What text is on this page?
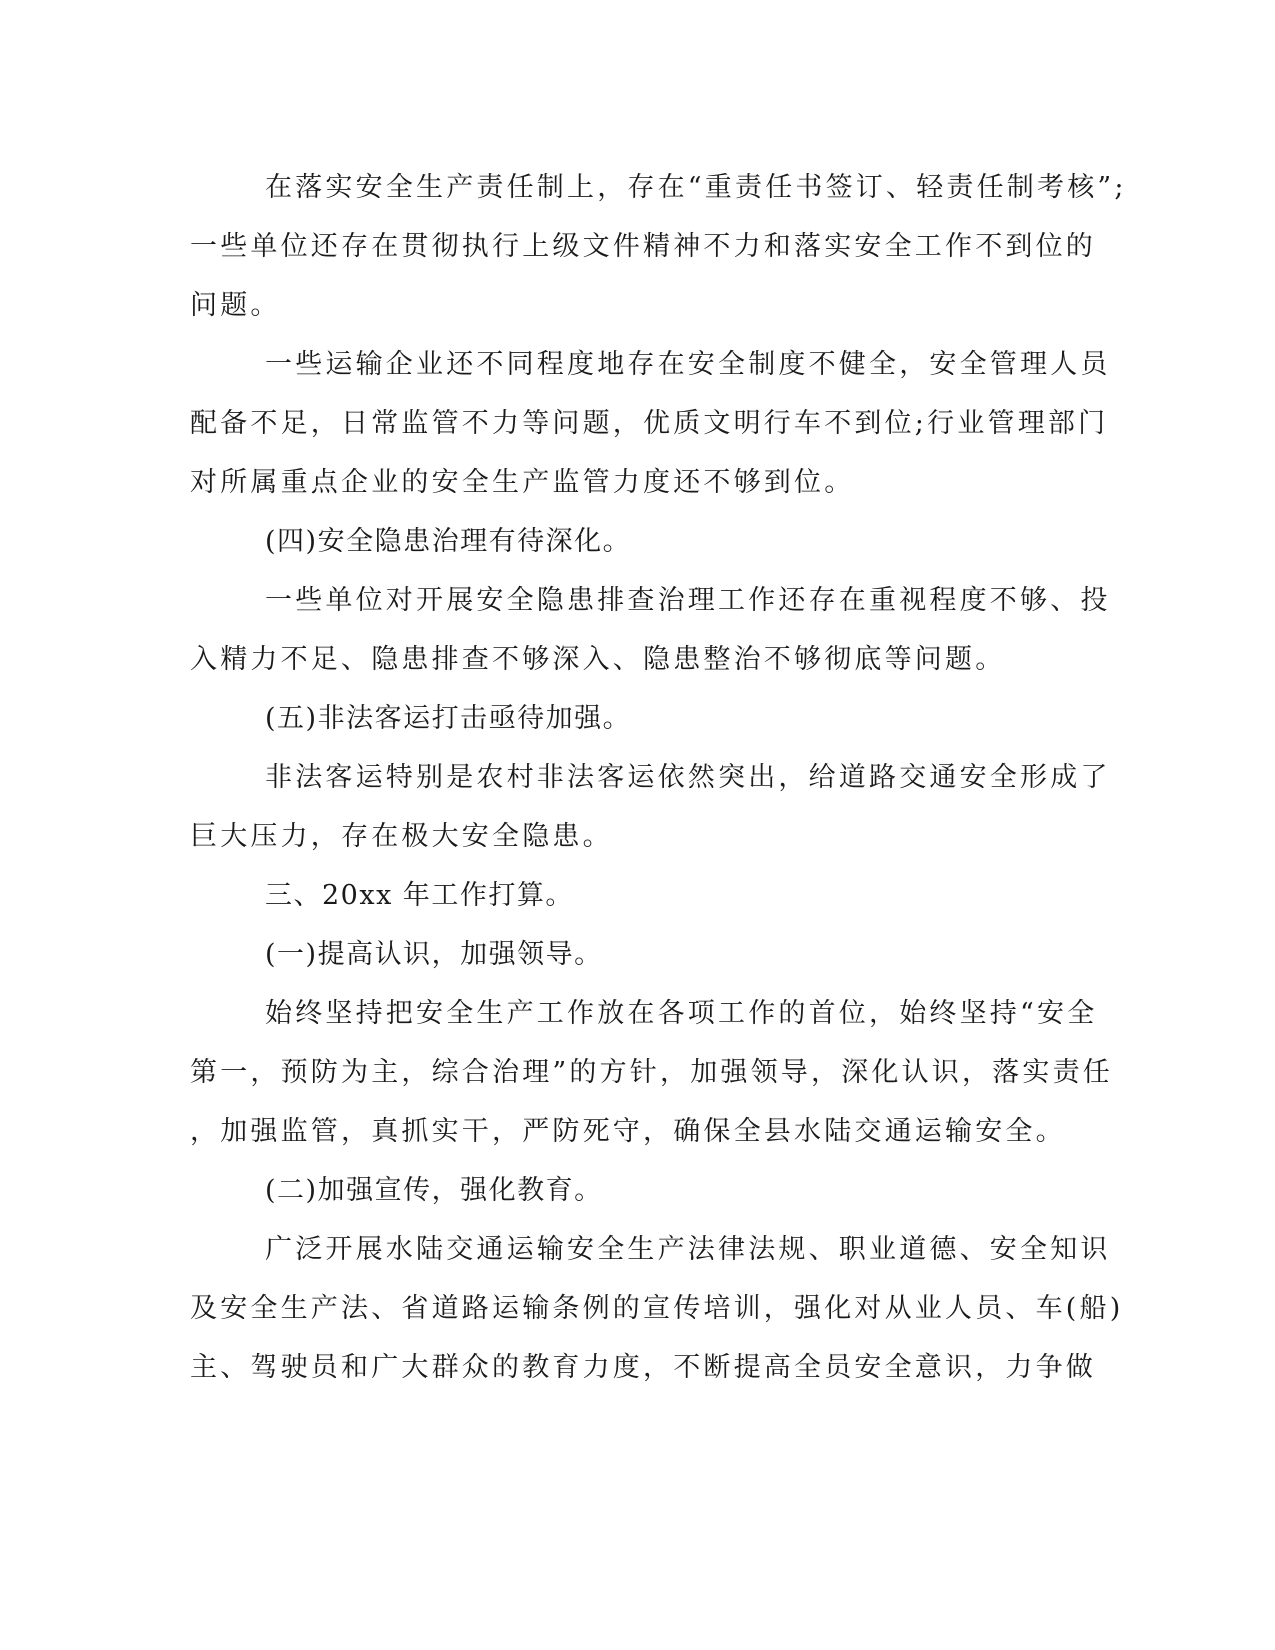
在落实安全生产责任制上，存在“重责任书签订、轻责任制考核”;
一些单位还存在贯彻执行上级文件精神不力和落实安全工作不到位的
问题。
一些运输企业还不同程度地存在安全制度不健全，安全管理人员
配备不足，日常监管不力等问题，优质文明行车不到位;行业管理部门
对所属重点企业的安全生产监管力度还不够到位。
(四)安全隐患治理有待深化。
一些单位对开展安全隐患排查治理工作还存在重视程度不够、投
入精力不足、隐患排查不够深入、隐患整治不够彻底等问题。
(五)非法客运打击亟待加强。
非法客运特别是农村非法客运依然突出，给道路交通安全形成了
巨大压力，存在极大安全隐患。
三、20xx 年工作打算。
(一)提高认识，加强领导。
始终坚持把安全生产工作放在各项工作的首位，始终坚持“安全
第一，预防为主，综合治理”的方针，加强领导，深化认识，落实责任
，加强监管，真抓实干，严防死守，确保全县水陆交通运输安全。
(二)加强宣传，强化教育。
广泛开展水陆交通运输安全生产法律法规、职业道德、安全知识
及安全生产法、省道路运输条例的宣传培训，强化对从业人员、车(船)
主、驾驶员和广大群众的教育力度，不断提高全员安全意识，力争做
